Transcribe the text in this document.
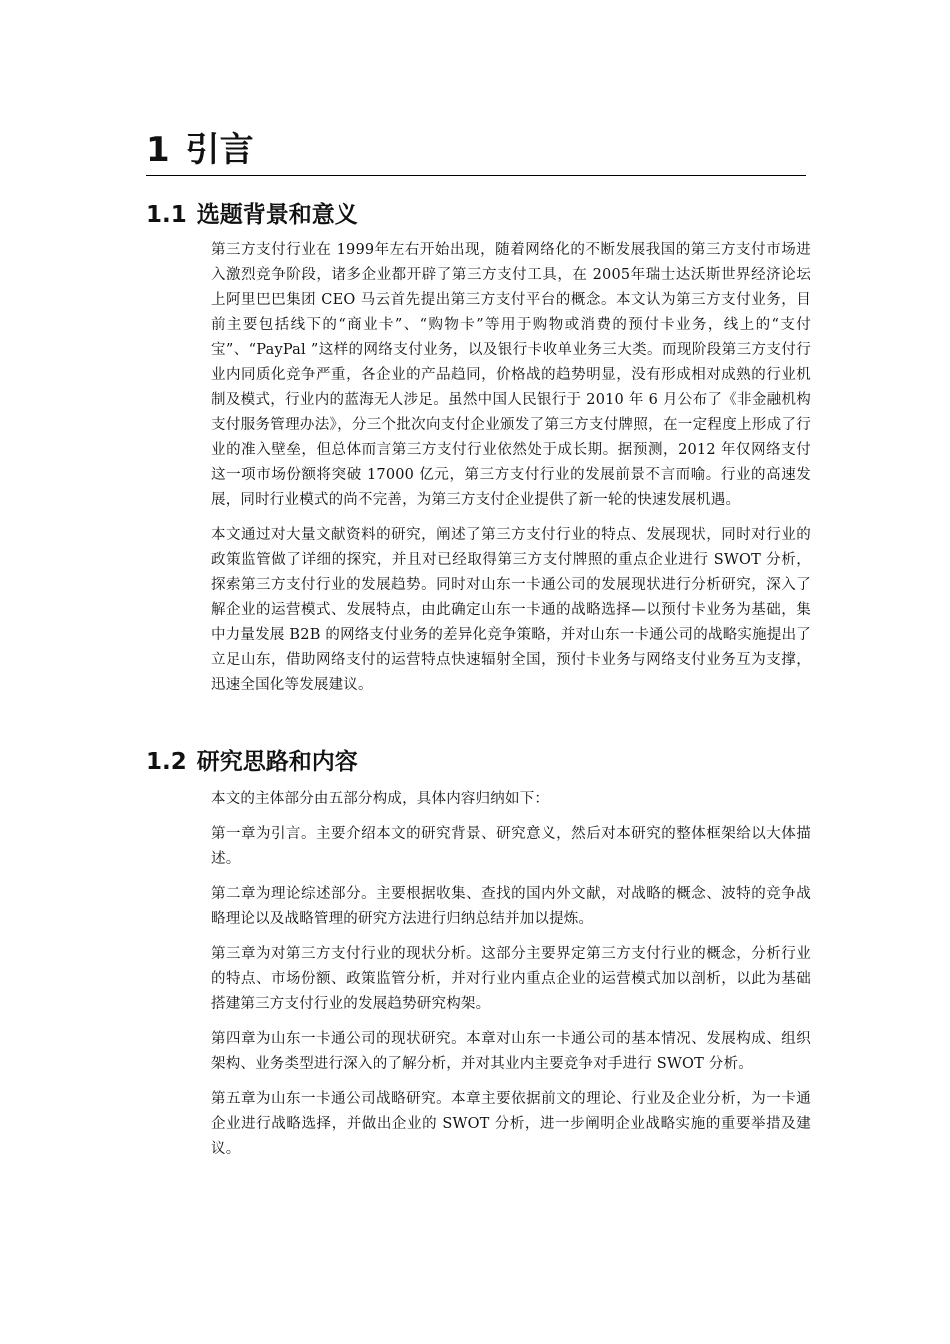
1 引言
1.1 选题背景和意义

第三方支付行业在 1999年左右开始出现，随着网络化的不断发展我国的第三方支付市场进入激烈竞争阶段，诸多企业都开辟了第三方支付工具，在 2005年瑞士达沃斯世界经济论坛上阿里巴巴集团 CEO 马云首先提出第三方支付平台的概念。本文认为第三方支付业务，目前主要包括线下的“商业卡”、“购物卡”等用于购物或消费的预付卡业务，线上的“支付宝”、“PayPal ”这样的网络支付业务，以及银行卡收单业务三大类。而现阶段第三方支付行业内同质化竞争严重，各企业的产品趋同，价格战的趋势明显，没有形成相对成熟的行业机制及模式，行业内的蓝海无人涉足。虽然中国人民银行于 2010 年 6 月公布了《非金融机构支付服务管理办法》，分三个批次向支付企业颁发了第三方支付牌照，在一定程度上形成了行业的准入壁垒，但总体而言第三方支付行业依然处于成长期。据预测，2012 年仅网络支付这一项市场份额将突破 17000 亿元，第三方支付行业的发展前景不言而喻。行业的高速发展，同时行业模式的尚不完善，为第三方支付企业提供了新一轮的快速发展机遇。

本文通过对大量文献资料的研究，阐述了第三方支付行业的特点、发展现状，同时对行业的政策监管做了详细的探究，并且对已经取得第三方支付牌照的重点企业进行 SWOT 分析，探索第三方支付行业的发展趋势。同时对山东一卡通公司的发展现状进行分析研究，深入了解企业的运营模式、发展特点，由此确定山东一卡通的战略选择—以预付卡业务为基础，集中力量发展 B2B 的网络支付业务的差异化竞争策略，并对山东一卡通公司的战略实施提出了立足山东，借助网络支付的运营特点快速辐射全国，预付卡业务与网络支付业务互为支撑，迅速全国化等发展建议。

1.2 研究思路和内容

本文的主体部分由五部分构成，具体内容归纳如下：

第一章为引言。主要介绍本文的研究背景、研究意义，然后对本研究的整体框架给以大体描述。

第二章为理论综述部分。主要根据收集、查找的国内外文献，对战略的概念、波特的竞争战略理论以及战略管理的研究方法进行归纳总结并加以提炼。

第三章为对第三方支付行业的现状分析。这部分主要界定第三方支付行业的概念，分析行业的特点、市场份额、政策监管分析，并对行业内重点企业的运营模式加以剖析，以此为基础搭建第三方支付行业的发展趋势研究构架。

第四章为山东一卡通公司的现状研究。本章对山东一卡通公司的基本情况、发展构成、组织架构、业务类型进行深入的了解分析，并对其业内主要竞争对手进行 SWOT 分析。

第五章为山东一卡通公司战略研究。本章主要依据前文的理论、行业及企业分析，为一卡通企业进行战略选择，并做出企业的 SWOT 分析，进一步阐明企业战略实施的重要举措及建议。
